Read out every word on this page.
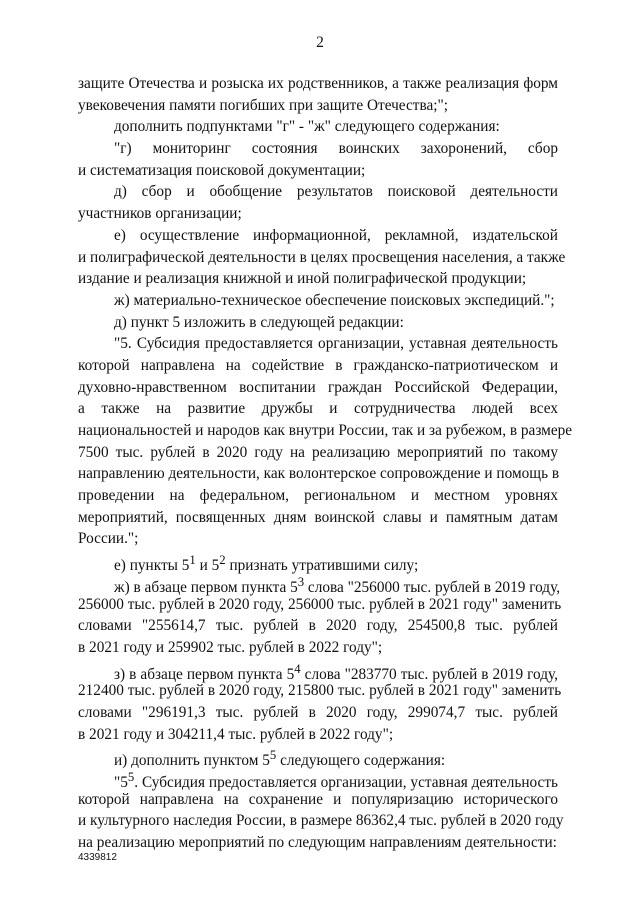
2
защите Отечества и розыска их родственников, а также реализация форм
увековечения памяти погибших при защите Отечества;";
дополнить подпунктами "г" - "ж" следующего содержания:
"г) мониторинг состояния воинских захоронений, сбор
и систематизация поисковой документации;
д) сбор и обобщение результатов поисковой деятельности
участников организации;
е) осуществление информационной, рекламной, издательской
и полиграфической деятельности в целях просвещения населения, а также
издание и реализация книжной и иной полиграфической продукции;
ж) материально-техническое обеспечение поисковых экспедиций.";
д) пункт 5 изложить в следующей редакции:
"5. Субсидия предоставляется организации, уставная деятельность
которой направлена на содействие в гражданско-патриотическом и
духовно-нравственном воспитании граждан Российской Федерации,
а также на развитие дружбы и сотрудничества людей всех
национальностей и народов как внутри России, так и за рубежом, в размере
7500 тыс. рублей в 2020 году на реализацию мероприятий по такому
направлению деятельности, как волонтерское сопровождение и помощь в
проведении на федеральном, региональном и местном уровнях
мероприятий, посвященных дням воинской славы и памятным датам
России.";
е) пункты $5^1$ и $5^2$ признать утратившими силу;
ж) в абзаце первом пункта $5^3$ слова "256000 тыс. рублей в 2019 году,
256000 тыс. рублей в 2020 году, 256000 тыс. рублей в 2021 году" заменить
словами "255614,7 тыс. рублей в 2020 году, 254500,8 тыс. рублей
в 2021 году и 259902 тыс. рублей в 2022 году";
з) в абзаце первом пункта $5^4$ слова "283770 тыс. рублей в 2019 году,
212400 тыс. рублей в 2020 году, 215800 тыс. рублей в 2021 году" заменить
словами "296191,3 тыс. рублей в 2020 году, 299074,7 тыс. рублей
в 2021 году и 304211,4 тыс. рублей в 2022 году";
и) дополнить пунктом $5^5$ следующего содержания:
"$5^5$. Субсидия предоставляется организации, уставная деятельность
которой направлена на сохранение и популяризацию исторического
и культурного наследия России, в размере 86362,4 тыс. рублей в 2020 году
на реализацию мероприятий по следующим направлениям деятельности:
4339812
